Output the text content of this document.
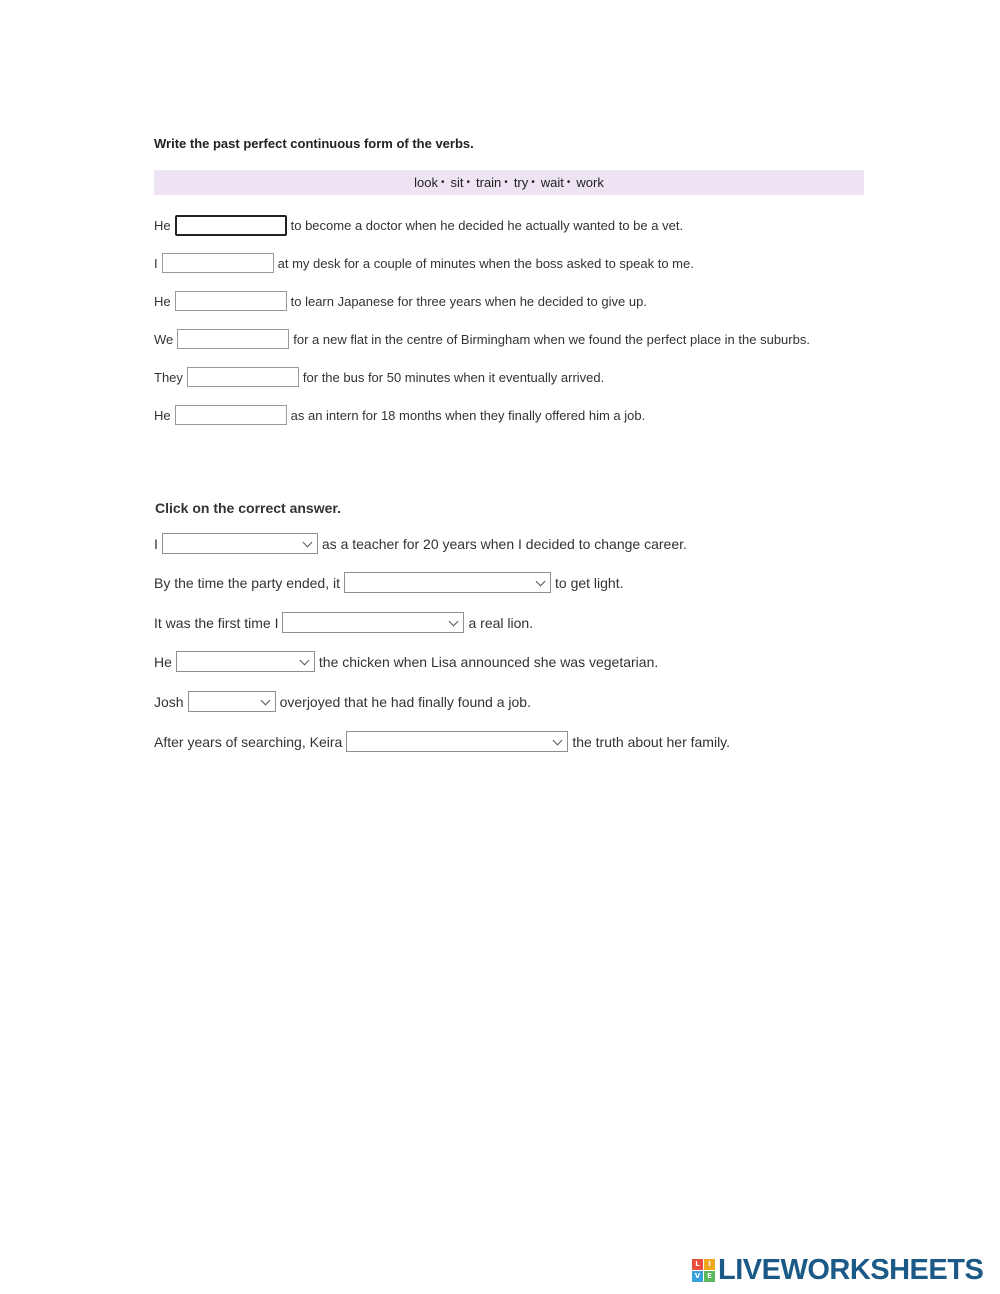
Write the past perfect continuous form of the verbs.
look • sit • train • try • wait • work
He	to become a doctor when he decided he actually wanted to be a vet.
I	at my desk for a couple of minutes when the boss asked to speak to me.
He	to learn Japanese for three years when he decided to give up.
We	for a new flat in the centre of Birmingham when we found the perfect place in the suburbs.
They	for the bus for 50 minutes when it eventually arrived.
He	as an intern for 18 months when they finally offered him a job.
Click on the correct answer.
I	as a teacher for 20 years when I decided to change career.
By the time the party ended, it	to get light.
It was the first time I	a real lion.
He	the chicken when Lisa announced she was vegetarian.
Josh	overjoyed that he had finally found a job.
After years of searching, Keira	the truth about her family.
L	I
V E LIVEWORKSHEETS
